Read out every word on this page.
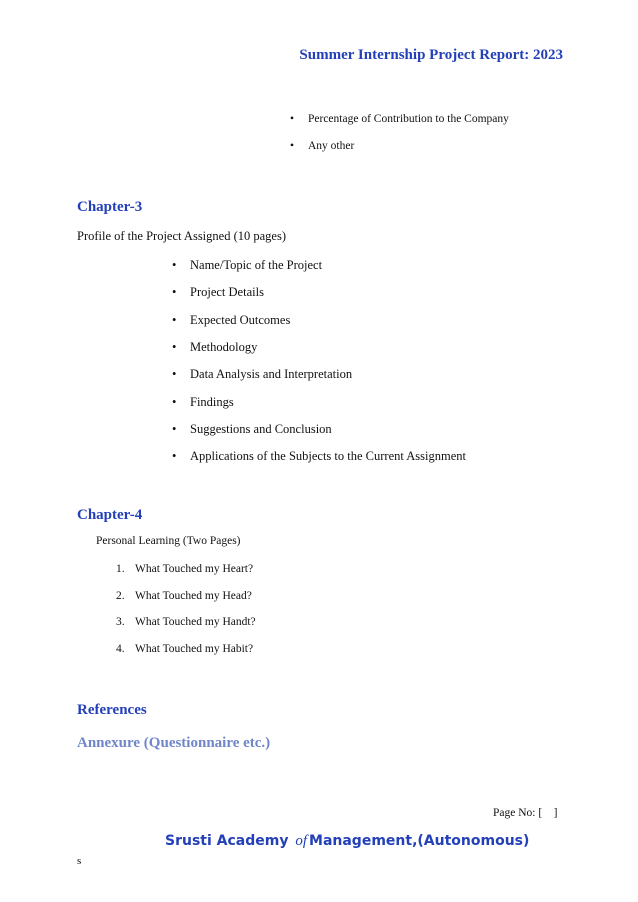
Summer Internship Project Report: 2023
• Percentage of Contribution to the Company
• Any other
Chapter-3
Profile of the Project Assigned (10 pages)
• Name/Topic of the Project
• Project Details
• Expected Outcomes
• Methodology
• Data Analysis and Interpretation
• Findings
• Suggestions and Conclusion
• Applications of the Subjects to the Current Assignment
Chapter-4
Personal Learning (Two Pages)
1. What Touched my Heart?
2. What Touched my Head?
3. What Touched my Handt?
4. What Touched my Habit?
References
Annexure (Questionnaire etc.)
Page No: [    ]
Srusti Academy of Management,(Autonomous)
s
